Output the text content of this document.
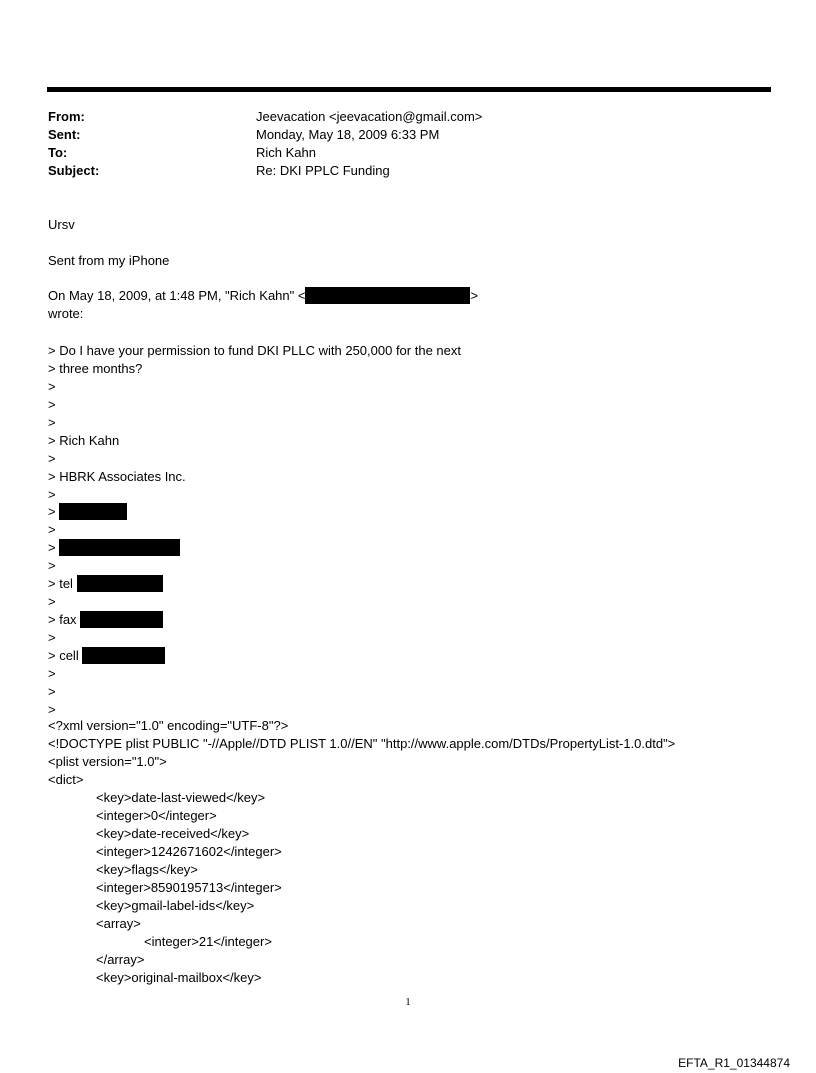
From:	Jeevacation <jeevacation@gmail.com>
Sent:	Monday, May 18, 2009 6:33 PM
To:	Rich Kahn
Subject:	Re: DKI PPLC Funding
Ursv
Sent from my iPhone
On May 18, 2009, at 1:48 PM, "Rich Kahn" <	>
wrote:
> Do I have your permission to fund DKI PLLC with 250,000 for the next
> three months?
>
>
>
> Rich Kahn
>
> HBRK Associates Inc.
>
>
>
>
>
> tel
>
> fax
>
> cell
>
>
>
<?xml version="1.0" encoding="UTF-8"?>
<!DOCTYPE plist PUBLIC "-//Apple//DTD PLIST 1.0//EN" "http://www.apple.com/DTDs/PropertyList-1.0.dtd">
<plist version="1.0">
<dict>
<key>date-last-viewed</key>
<integer>0</integer>
<key>date-received</key>
<integer>1242671602</integer>
<key>flags</key>
<integer>8590195713</integer>
<key>gmail-label-ids</key>
<array>
<integer>21</integer>
</array>
<key>original-mailbox</key>
1
EFTA_R1_01344874
